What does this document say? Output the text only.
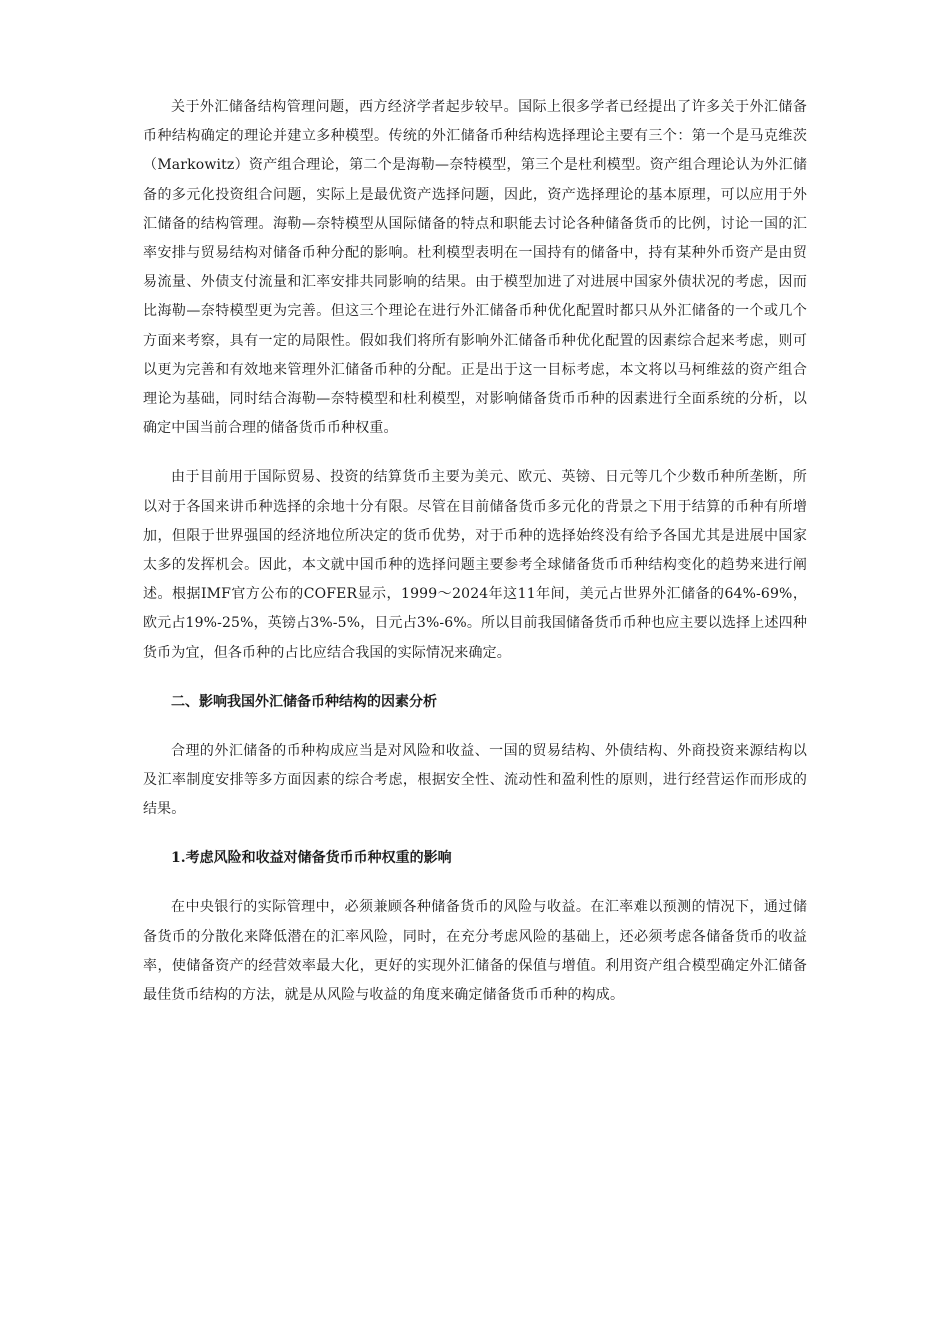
关于外汇储备结构管理问题，西方经济学者起步较早。国际上很多学者已经提出了许多关于外汇储备币种结构确定的理论并建立多种模型。传统的外汇储备币种结构选择理论主要有三个：第一个是马克维茨（Markowitz）资产组合理论，第二个是海勒—奈特模型，第三个是杜利模型。资产组合理论认为外汇储备的多元化投资组合问题，实际上是最优资产选择问题，因此，资产选择理论的基本原理，可以应用于外汇储备的结构管理。海勒—奈特模型从国际储备的特点和职能去讨论各种储备货币的比例，讨论一国的汇率安排与贸易结构对储备币种分配的影响。杜利模型表明在一国持有的储备中，持有某种外币资产是由贸易流量、外债支付流量和汇率安排共同影响的结果。由于模型加进了对进展中国家外债状况的考虑，因而比海勒—奈特模型更为完善。但这三个理论在进行外汇储备币种优化配置时都只从外汇储备的一个或几个方面来考察，具有一定的局限性。假如我们将所有影响外汇储备币种优化配置的因素综合起来考虑，则可以更为完善和有效地来管理外汇储备币种的分配。正是出于这一目标考虑，本文将以马柯维兹的资产组合理论为基础，同时结合海勒—奈特模型和杜利模型，对影响储备货币币种的因素进行全面系统的分析，以确定中国当前合理的储备货币币种权重。

由于目前用于国际贸易、投资的结算货币主要为美元、欧元、英镑、日元等几个少数币种所垄断，所以对于各国来讲币种选择的余地十分有限。尽管在目前储备货币多元化的背景之下用于结算的币种有所增加，但限于世界强国的经济地位所决定的货币优势，对于币种的选择始终没有给予各国尤其是进展中国家太多的发挥机会。因此，本文就中国币种的选择问题主要参考全球储备货币币种结构变化的趋势来进行阐述。根据IMF官方公布的COFER显示，1999～2024年这11年间，美元占世界外汇储备的64%-69%，欧元占19%-25%，英镑占3%-5%，日元占3%-6%。所以目前我国储备货币币种也应主要以选择上述四种货币为宜，但各币种的占比应结合我国的实际情况来确定。

二、影响我国外汇储备币种结构的因素分析

合理的外汇储备的币种构成应当是对风险和收益、一国的贸易结构、外债结构、外商投资来源结构以及汇率制度安排等多方面因素的综合考虑，根据安全性、流动性和盈利性的原则，进行经营运作而形成的结果。

1.考虑风险和收益对储备货币币种权重的影响

在中央银行的实际管理中，必须兼顾各种储备货币的风险与收益。在汇率难以预测的情况下，通过储备货币的分散化来降低潜在的汇率风险，同时，在充分考虑风险的基础上，还必须考虑各储备货币的收益率，使储备资产的经营效率最大化，更好的实现外汇储备的保值与增值。利用资产组合模型确定外汇储备最佳货币结构的方法，就是从风险与收益的角度来确定储备货币币种的构成。
